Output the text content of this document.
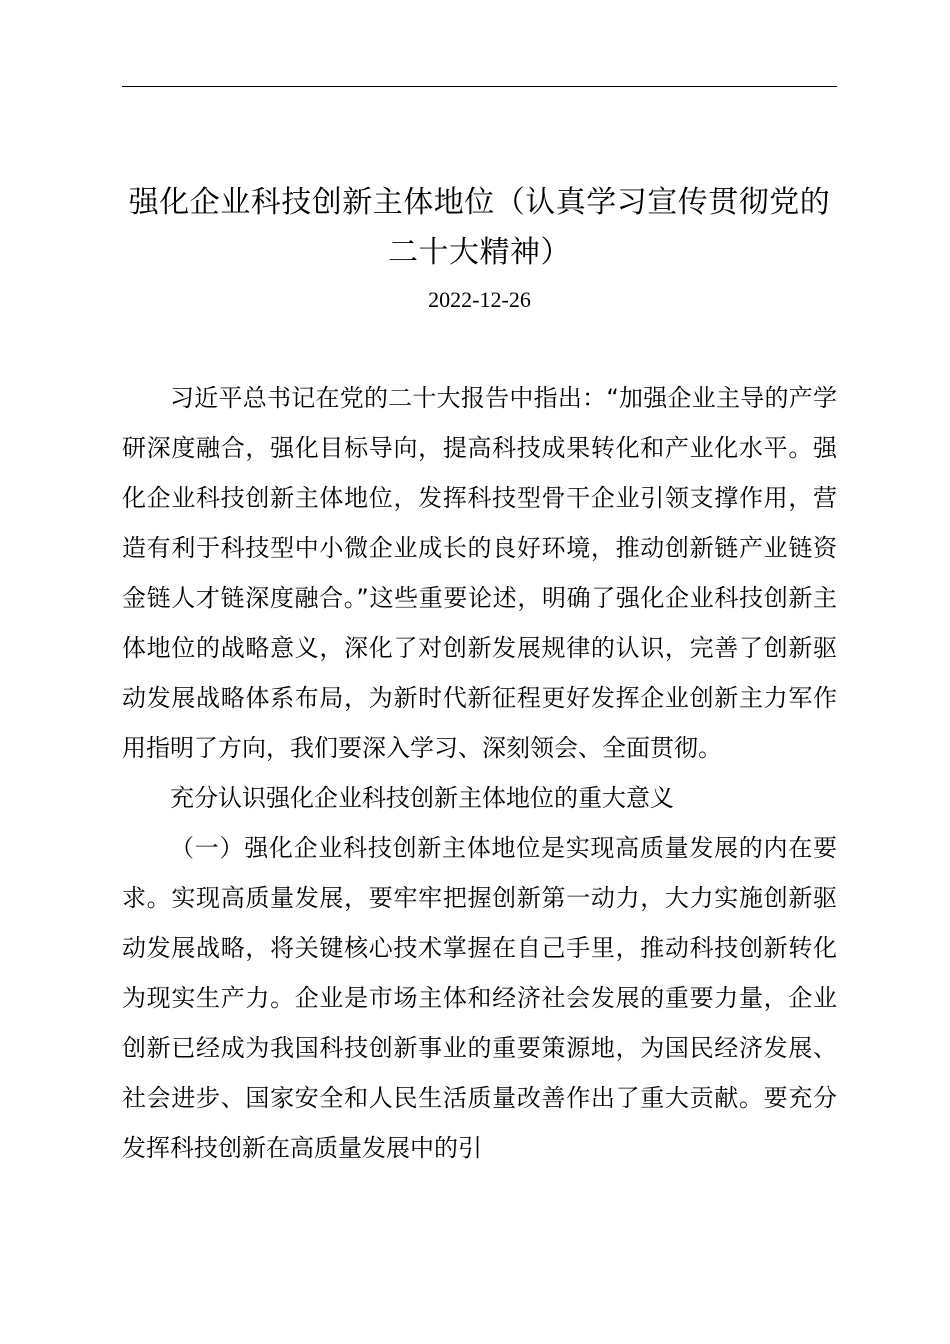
强化企业科技创新主体地位（认真学习宣传贯彻党的二十大精神）
2022-12-26

习近平总书记在党的二十大报告中指出：“加强企业主导的产学研深度融合，强化目标导向，提高科技成果转化和产业化水平。强化企业科技创新主体地位，发挥科技型骨干企业引领支撑作用，营造有利于科技型中小微企业成长的良好环境，推动创新链产业链资金链人才链深度融合。”这些重要论述，明确了强化企业科技创新主体地位的战略意义，深化了对创新发展规律的认识，完善了创新驱动发展战略体系布局，为新时代新征程更好发挥企业创新主力军作用指明了方向，我们要深入学习、深刻领会、全面贯彻。

充分认识强化企业科技创新主体地位的重大意义

（一）强化企业科技创新主体地位是实现高质量发展的内在要求。实现高质量发展，要牢牢把握创新第一动力，大力实施创新驱动发展战略，将关键核心技术掌握在自己手里，推动科技创新转化为现实生产力。企业是市场主体和经济社会发展的重要力量，企业创新已经成为我国科技创新事业的重要策源地，为国民经济发展、社会进步、国家安全和人民生活质量改善作出了重大贡献。要充分发挥科技创新在高质量发展中的引
